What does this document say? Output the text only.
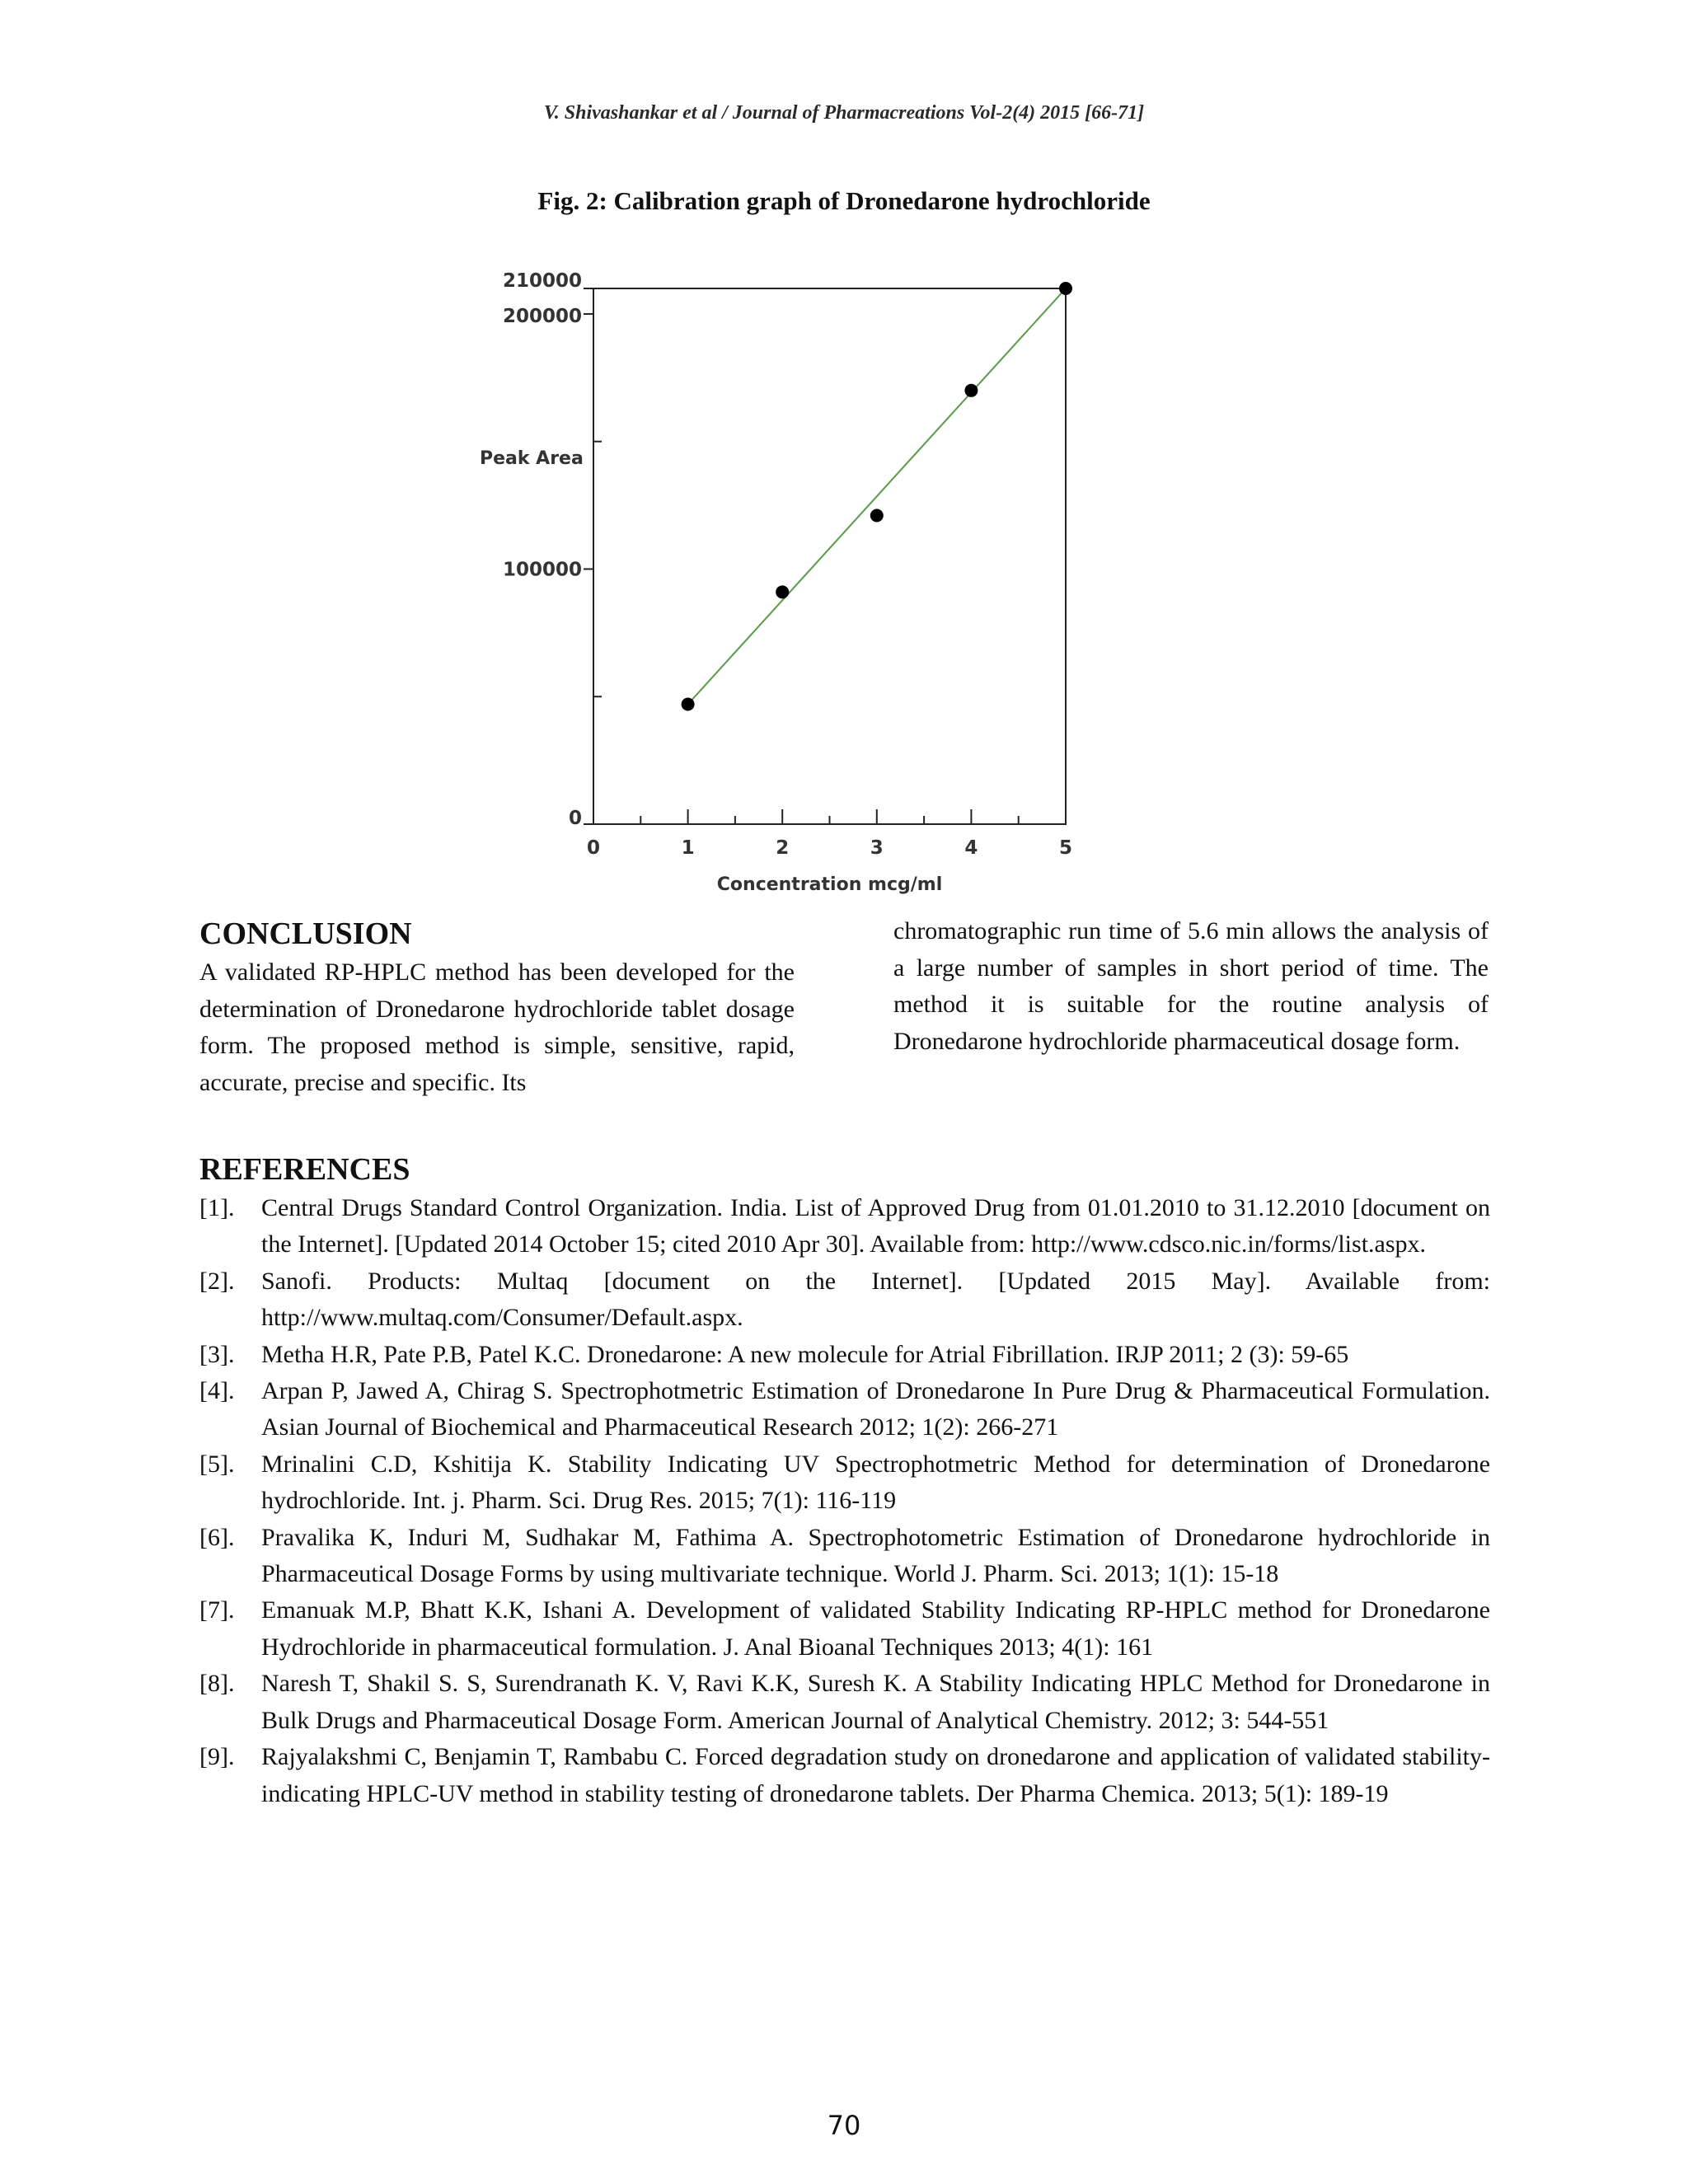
V. Shivashankar et al / Journal of Pharmacreations Vol-2(4) 2015 [66-71]
Fig. 2: Calibration graph of Dronedarone hydrochloride
0	1	2	3	4	5
0
100000
200000
210000
Concentration mcg/ml
Peak Area
CONCLUSION
A validated RP-HPLC method has been developed for the determination of Dronedarone hydrochloride tablet dosage form. The proposed method is simple, sensitive, rapid, accurate, precise and specific. Its
chromatographic run time of 5.6 min allows the analysis of a large number of samples in short period of time. The method it is suitable for the routine analysis of Dronedarone hydrochloride pharmaceutical dosage form.
REFERENCES
[1]. Central Drugs Standard Control Organization. India. List of Approved Drug from 01.01.2010 to 31.12.2010 [document on the Internet]. [Updated 2014 October 15; cited 2010 Apr 30]. Available from: http://www.cdsco.nic.in/forms/list.aspx.
[2]. Sanofi. Products: Multaq [document on the Internet]. [Updated 2015 May]. Available from: http://www.multaq.com/Consumer/Default.aspx.
[3]. Metha H.R, Pate P.B, Patel K.C. Dronedarone: A new molecule for Atrial Fibrillation. IRJP 2011; 2 (3): 59-65
[4]. Arpan P, Jawed A, Chirag S. Spectrophotmetric Estimation of Dronedarone In Pure Drug & Pharmaceutical Formulation. Asian Journal of Biochemical and Pharmaceutical Research 2012; 1(2): 266-271
[5]. Mrinalini C.D, Kshitija K. Stability Indicating UV Spectrophotmetric Method for determination of Dronedarone hydrochloride. Int. j. Pharm. Sci. Drug Res. 2015; 7(1): 116-119
[6]. Pravalika K, Induri M, Sudhakar M, Fathima A. Spectrophotometric Estimation of Dronedarone hydrochloride in Pharmaceutical Dosage Forms by using multivariate technique. World J. Pharm. Sci. 2013; 1(1): 15-18
[7]. Emanuak M.P, Bhatt K.K, Ishani A. Development of validated Stability Indicating RP-HPLC method for Dronedarone Hydrochloride in pharmaceutical formulation. J. Anal Bioanal Techniques 2013; 4(1): 161
[8]. Naresh T, Shakil S. S, Surendranath K. V, Ravi K.K, Suresh K. A Stability Indicating HPLC Method for Dronedarone in Bulk Drugs and Pharmaceutical Dosage Form. American Journal of Analytical Chemistry. 2012; 3: 544-551
[9]. Rajyalakshmi C, Benjamin T, Rambabu C. Forced degradation study on dronedarone and application of validated stability-indicating HPLC-UV method in stability testing of dronedarone tablets. Der Pharma Chemica. 2013; 5(1): 189-19
70
